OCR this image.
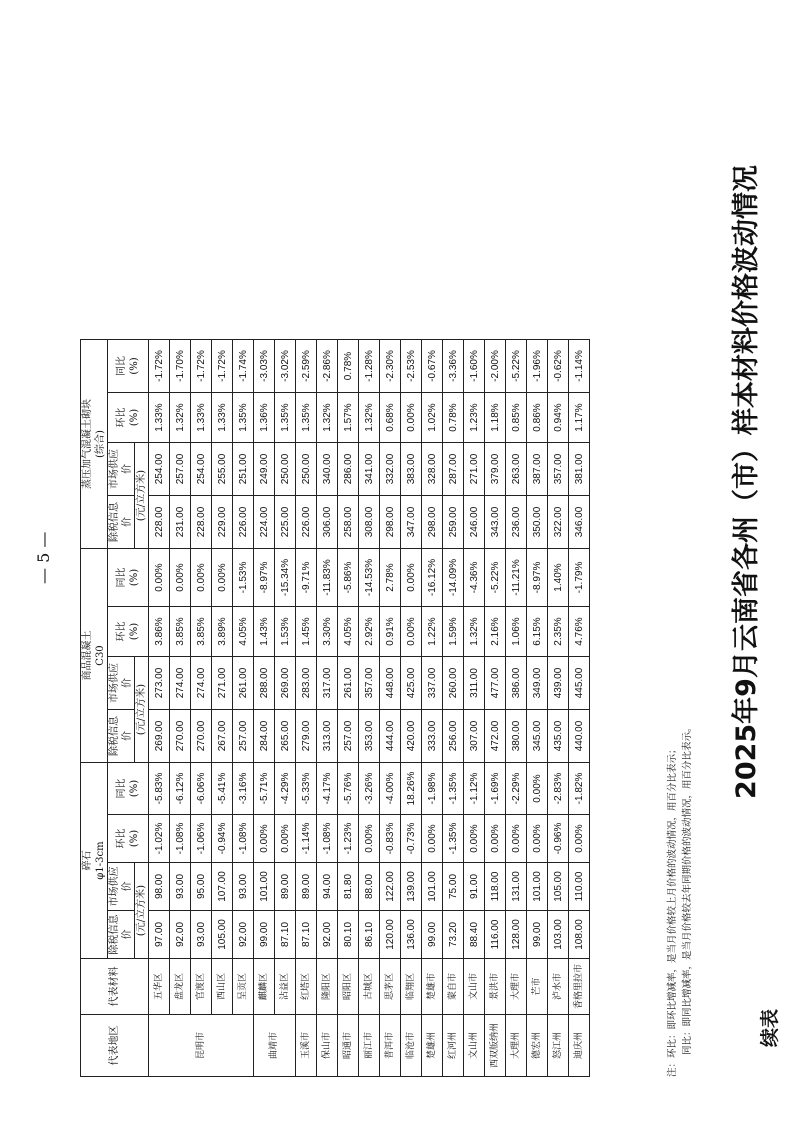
续表
2025年9月云南省各州（市）样本材料价格波动情况
代表地区	代表材料	碎石 φ1-3cm				商品混凝土 C30				蒸压加气混凝土砌块 (综合)			
		除税信息价	市场供应价	环比 (%)	同比 (%)	除税信息价	市场供应价	环比 (%)	同比 (%)	除税信息价	市场供应价	环比 (%)	同比 (%)
		(元/立方米)				(元/立方米)				(元/立方米)			
昆明市	五华区	97.00	98.00	-1.02%	-5.83%	269.00	273.00	3.86%	0.00%	228.00	254.00	1.33%	-1.72%
	盘龙区	92.00	93.00	-1.08%	-6.12%	270.00	274.00	3.85%	0.00%	231.00	257.00	1.32%	-1.70%
	官渡区	93.00	95.00	-1.06%	-6.06%	270.00	274.00	3.85%	0.00%	228.00	254.00	1.33%	-1.72%
	西山区	105.00	107.00	-0.94%	-5.41%	267.00	271.00	3.89%	0.00%	229.00	255.00	1.33%	-1.72%
	呈贡区	92.00	93.00	-1.08%	-3.16%	257.00	261.00	4.05%	-1.53%	226.00	251.00	1.35%	-1.74%
曲靖市	麒麟区	99.00	101.00	0.00%	-5.71%	284.00	288.00	1.43%	-8.97%	224.00	249.00	1.36%	-3.03%
	沾益区	87.10	89.00	0.00%	-4.29%	265.00	269.00	1.53%	-15.34%	225.00	250.00	1.35%	-3.02%
玉溪市	红塔区	87.10	89.00	-1.14%	-5.33%	279.00	283.00	1.45%	-9.71%	226.00	250.00	1.35%	-2.59%
保山市	隆阳区	92.00	94.00	-1.08%	-4.17%	313.00	317.00	3.30%	-11.83%	306.00	340.00	1.32%	-2.86%
昭通市	昭阳区	80.10	81.80	-1.23%	-5.76%	257.00	261.00	4.05%	-5.86%	258.00	286.00	1.57%	0.78%
丽江市	古城区	86.10	88.00	0.00%	-3.26%	353.00	357.00	2.92%	-14.53%	308.00	341.00	1.32%	-1.28%
普洱市	思茅区	120.00	122.00	-0.83%	-4.00%	444.00	448.00	0.91%	2.78%	298.00	332.00	0.68%	-2.30%
临沧市	临翔区	136.00	139.00	-0.73%	18.26%	420.00	425.00	0.00%	0.00%	347.00	383.00	0.00%	-2.53%
楚雄州	楚雄市	99.00	101.00	0.00%	-1.98%	333.00	337.00	1.22%	-16.12%	298.00	328.00	1.02%	-0.67%
红河州	蒙自市	73.20	75.00	-1.35%	-1.35%	256.00	260.00	1.59%	-14.09%	259.00	287.00	0.78%	-3.36%
文山州	文山市	88.40	91.00	0.00%	-1.12%	307.00	311.00	1.32%	-4.36%	246.00	271.00	1.23%	-1.60%
西双版纳州	景洪市	116.00	118.00	0.00%	-1.69%	472.00	477.00	2.16%	-5.22%	343.00	379.00	1.18%	-2.00%
大理州	大理市	128.00	131.00	0.00%	-2.29%	380.00	386.00	1.06%	-11.21%	236.00	263.00	0.85%	-5.22%
德宏州	芒市	99.00	101.00	0.00%	0.00%	345.00	349.00	6.15%	-8.97%	350.00	387.00	0.86%	-1.96%
怒江州	泸水市	103.00	105.00	-0.96%	-2.83%	435.00	439.00	2.35%	1.40%	322.00	357.00	0.94%	-0.62%
迪庆州	香格里拉市	108.00	110.00	0.00%	-1.82%	440.00	445.00	4.76%	-1.79%	346.00	381.00	1.17%	-1.14%
注：环比：即环比增减率，是当月价格较上月价格的波动情况，用百分比表示； 同比：即同比增减率，是当月价格较去年同期价格的波动情况，用百分比表示。
— 5 —
